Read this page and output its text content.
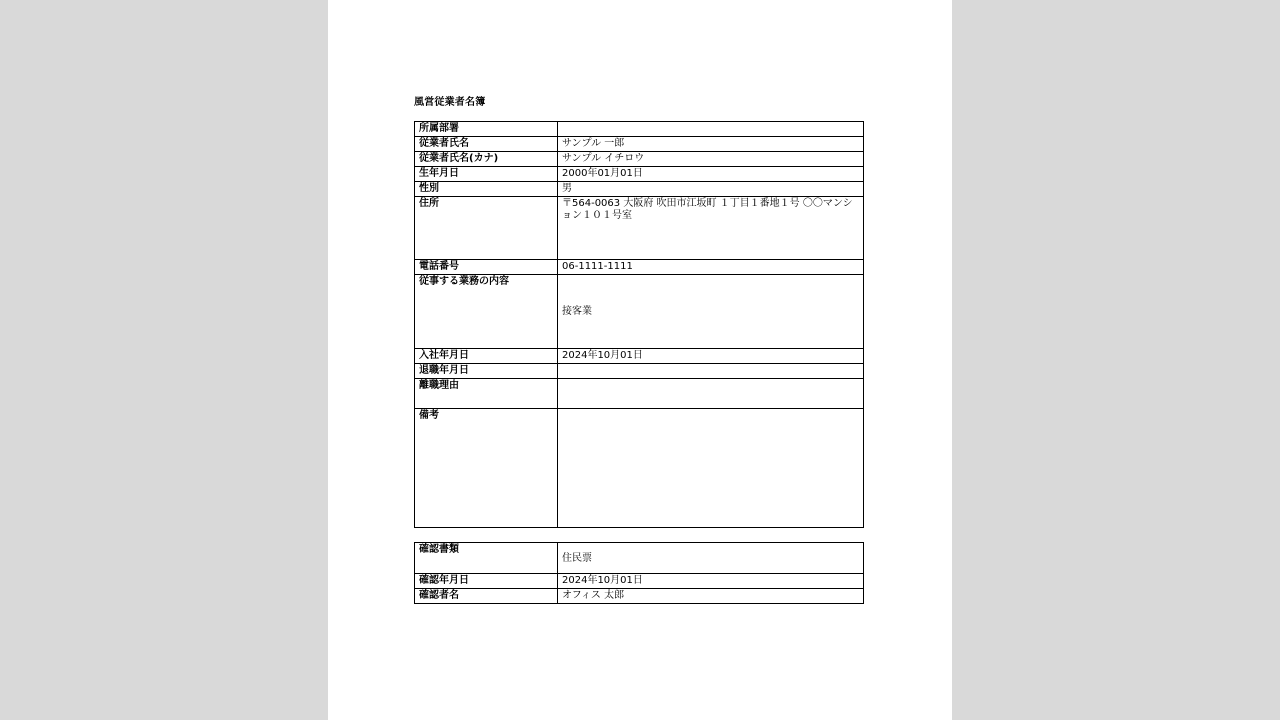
風営従業者名簿
所属部署	
従業者氏名	サンプル 一郎
従業者氏名(カナ)	サンプル イチロウ
生年月日	2000年01月01日
性別	男
住所	〒564-0063 大阪府 吹田市江坂町 １丁目１番地１号 〇〇マンション１０１号室
電話番号	06-1111-1111
従事する業務の内容	接客業
入社年月日	2024年10月01日
退職年月日	
離職理由	
備考	
確認書類	住民票
確認年月日	2024年10月01日
確認者名	オフィス 太郎
